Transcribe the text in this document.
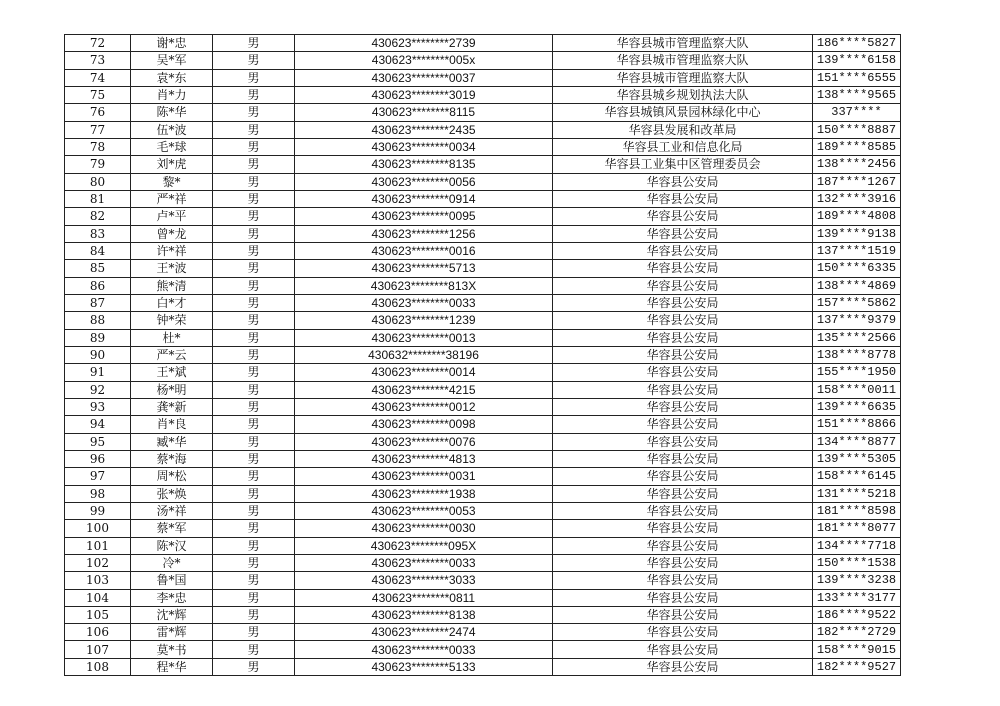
72	谢*忠	男	430623********2739	华容县城市管理监察大队	186****5827
73	吴*军	男	430623********005x	华容县城市管理监察大队	139****6158
74	袁*东	男	430623********0037	华容县城市管理监察大队	151****6555
75	肖*力	男	430623********3019	华容县城乡规划执法大队	138****9565
76	陈*华	男	430623********8115	华容县城镇风景园林绿化中心	337****
77	伍*波	男	430623********2435	华容县发展和改革局	150****8887
78	毛*球	男	430623********0034	华容县工业和信息化局	189****8585
79	刘*虎	男	430623********8135	华容县工业集中区管理委员会	138****2456
80	黎*	男	430623********0056	华容县公安局	187****1267
81	严*祥	男	430623********0914	华容县公安局	132****3916
82	卢*平	男	430623********0095	华容县公安局	189****4808
83	曾*龙	男	430623********1256	华容县公安局	139****9138
84	许*祥	男	430623********0016	华容县公安局	137****1519
85	王*波	男	430623********5713	华容县公安局	150****6335
86	熊*清	男	430623********813X	华容县公安局	138****4869
87	白*才	男	430623********0033	华容县公安局	157****5862
88	钟*荣	男	430623********1239	华容县公安局	137****9379
89	杜*	男	430623********0013	华容县公安局	135****2566
90	严*云	男	430632********38196	华容县公安局	138****8778
91	王*斌	男	430623********0014	华容县公安局	155****1950
92	杨*明	男	430623********4215	华容县公安局	158****0011
93	龚*新	男	430623********0012	华容县公安局	139****6635
94	肖*良	男	430623********0098	华容县公安局	151****8866
95	臧*华	男	430623********0076	华容县公安局	134****8877
96	蔡*海	男	430623********4813	华容县公安局	139****5305
97	周*松	男	430623********0031	华容县公安局	158****6145
98	张*焕	男	430623********1938	华容县公安局	131****5218
99	汤*祥	男	430623********0053	华容县公安局	181****8598
100	蔡*军	男	430623********0030	华容县公安局	181****8077
101	陈*汉	男	430623********095X	华容县公安局	134****7718
102	冷*	男	430623********0033	华容县公安局	150****1538
103	鲁*国	男	430623********3033	华容县公安局	139****3238
104	李*忠	男	430623********0811	华容县公安局	133****3177
105	沈*辉	男	430623********8138	华容县公安局	186****9522
106	雷*辉	男	430623********2474	华容县公安局	182****2729
107	莫*书	男	430623********0033	华容县公安局	158****9015
108	程*华	男	430623********5133	华容县公安局	182****9527
